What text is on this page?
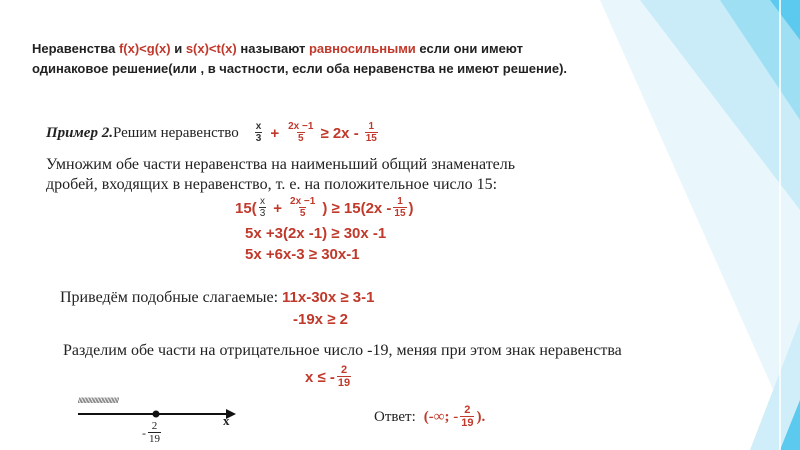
Неравенства f(x)<g(x) и s(x)<t(x) называют равносильными если они имеют одинаковое решение(или , в частности, если оба неравенства не имеют решение).
Пример 2. Решим неравенство $\frac{x}{3} + \frac{2x -1}{5} \ge 2x - \frac{1}{15}$
Умножим обе части неравенства на наименьший общий знаменатель
дробей, входящих в неравенство, т. е. на положительное число 15:
$15( \frac{x}{3} + \frac{2x -1}{5}$ ) ≥ $15(2x - \frac{1}{15}$ )
5x +3(2x -1) ≥ 30x -1
5x +6x-3 ≥ 30x-1
Приведём подобные слагаемые: 11x-30x ≥ 3-1
-19x ≥ 2
Разделим обе части на отрицательное число -19, меняя при этом знак неравенства
x ≤ - $\frac{2}{19}$
////////////////////////////
x
- $\frac{2}{19}$
Ответ: (-∞; - $\frac{2}{19}$ ).
